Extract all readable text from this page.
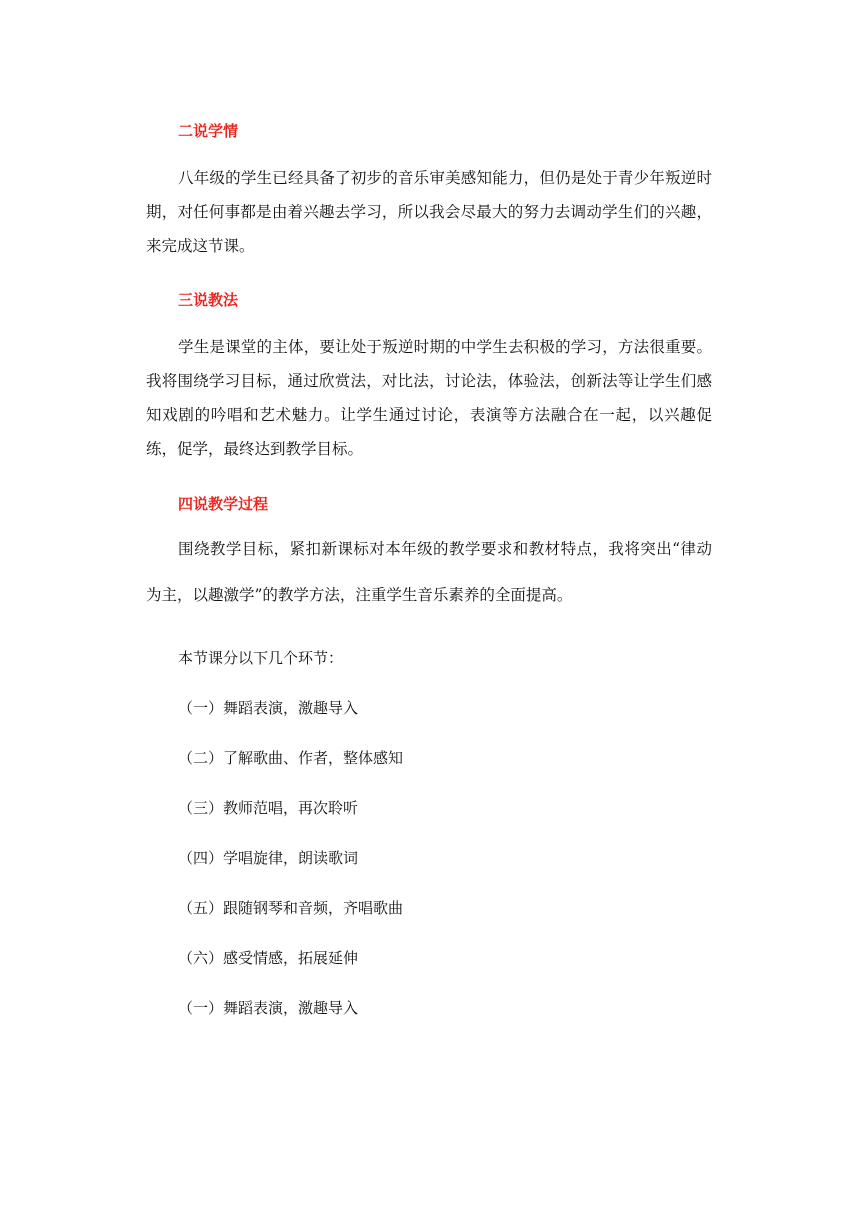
二说学情
八年级的学生已经具备了初步的音乐审美感知能力，但仍是处于青少年叛逆时期，对任何事都是由着兴趣去学习，所以我会尽最大的努力去调动学生们的兴趣，来完成这节课。
三说教法
学生是课堂的主体，要让处于叛逆时期的中学生去积极的学习，方法很重要。我将围绕学习目标，通过欣赏法，对比法，讨论法，体验法，创新法等让学生们感知戏剧的吟唱和艺术魅力。让学生通过讨论，表演等方法融合在一起，以兴趣促练，促学，最终达到教学目标。
四说教学过程
围绕教学目标，紧扣新课标对本年级的教学要求和教材特点，我将突出“律动为主，以趣激学”的教学方法，注重学生音乐素养的全面提高。
本节课分以下几个环节：
（一）舞蹈表演，激趣导入
（二）了解歌曲、作者，整体感知
（三）教师范唱，再次聆听
（四）学唱旋律，朗读歌词
（五）跟随钢琴和音频，齐唱歌曲
（六）感受情感，拓展延伸
（一）舞蹈表演，激趣导入
